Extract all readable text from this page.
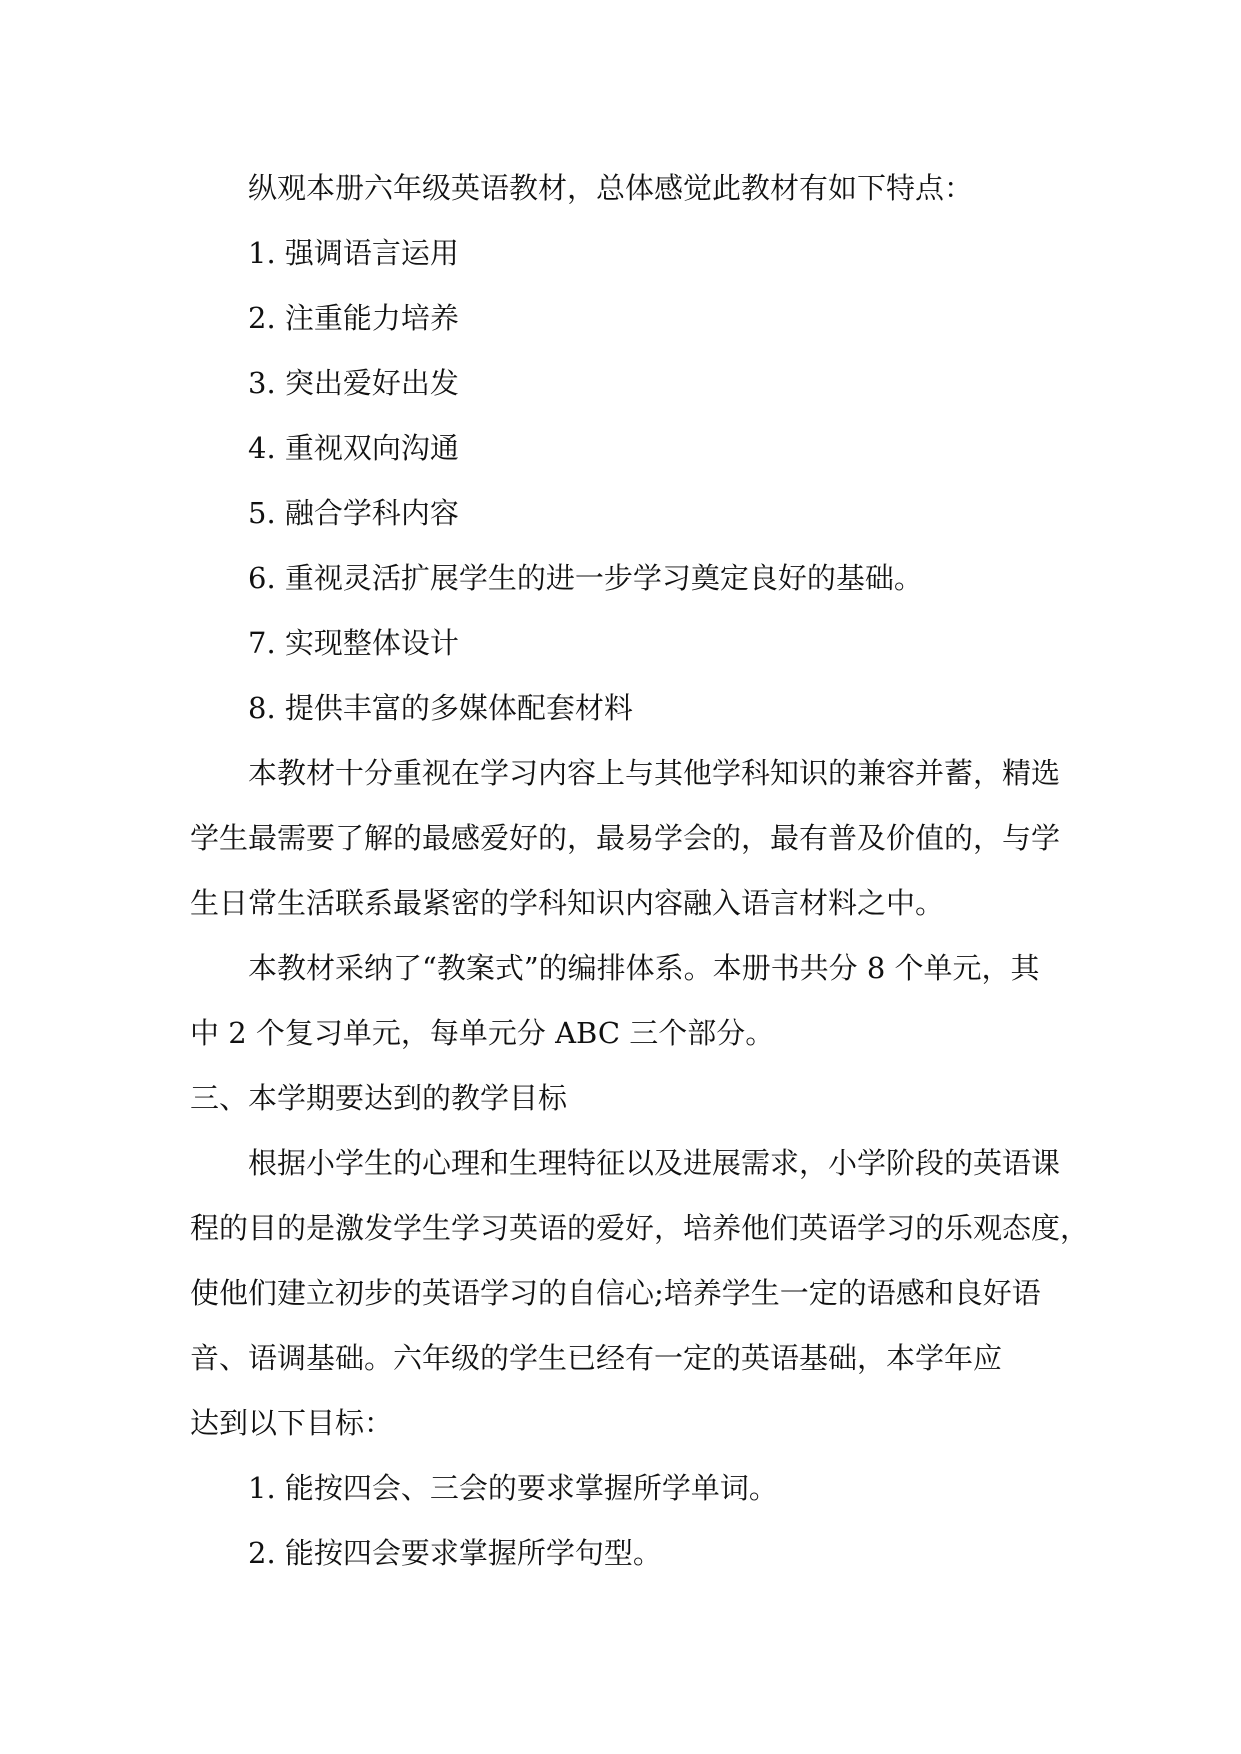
纵观本册六年级英语教材，总体感觉此教材有如下特点：

1. 强调语言运用

2. 注重能力培养

3. 突出爱好出发

4. 重视双向沟通

5. 融合学科内容

6. 重视灵活扩展学生的进一步学习奠定良好的基础。

7. 实现整体设计

8. 提供丰富的多媒体配套材料

本教材十分重视在学习内容上与其他学科知识的兼容并蓄，精选
学生最需要了解的最感爱好的，最易学会的，最有普及价值的，与学
生日常生活联系最紧密的学科知识内容融入语言材料之中。
本教材采纳了“教案式”的编排体系。本册书共分 8 个单元，其
中 2 个复习单元，每单元分 ABC 三个部分。

三、本学期要达到的教学目标

根据小学生的心理和生理特征以及进展需求，小学阶段的英语课
程的目的是激发学生学习英语的爱好，培养他们英语学习的乐观态度，
使他们建立初步的英语学习的自信心;培养学生一定的语感和良好语
音、语调基础。六年级的学生已经有一定的英语基础，本学年应
达到以下目标：

1. 能按四会、三会的要求掌握所学单词。

2. 能按四会要求掌握所学句型。
